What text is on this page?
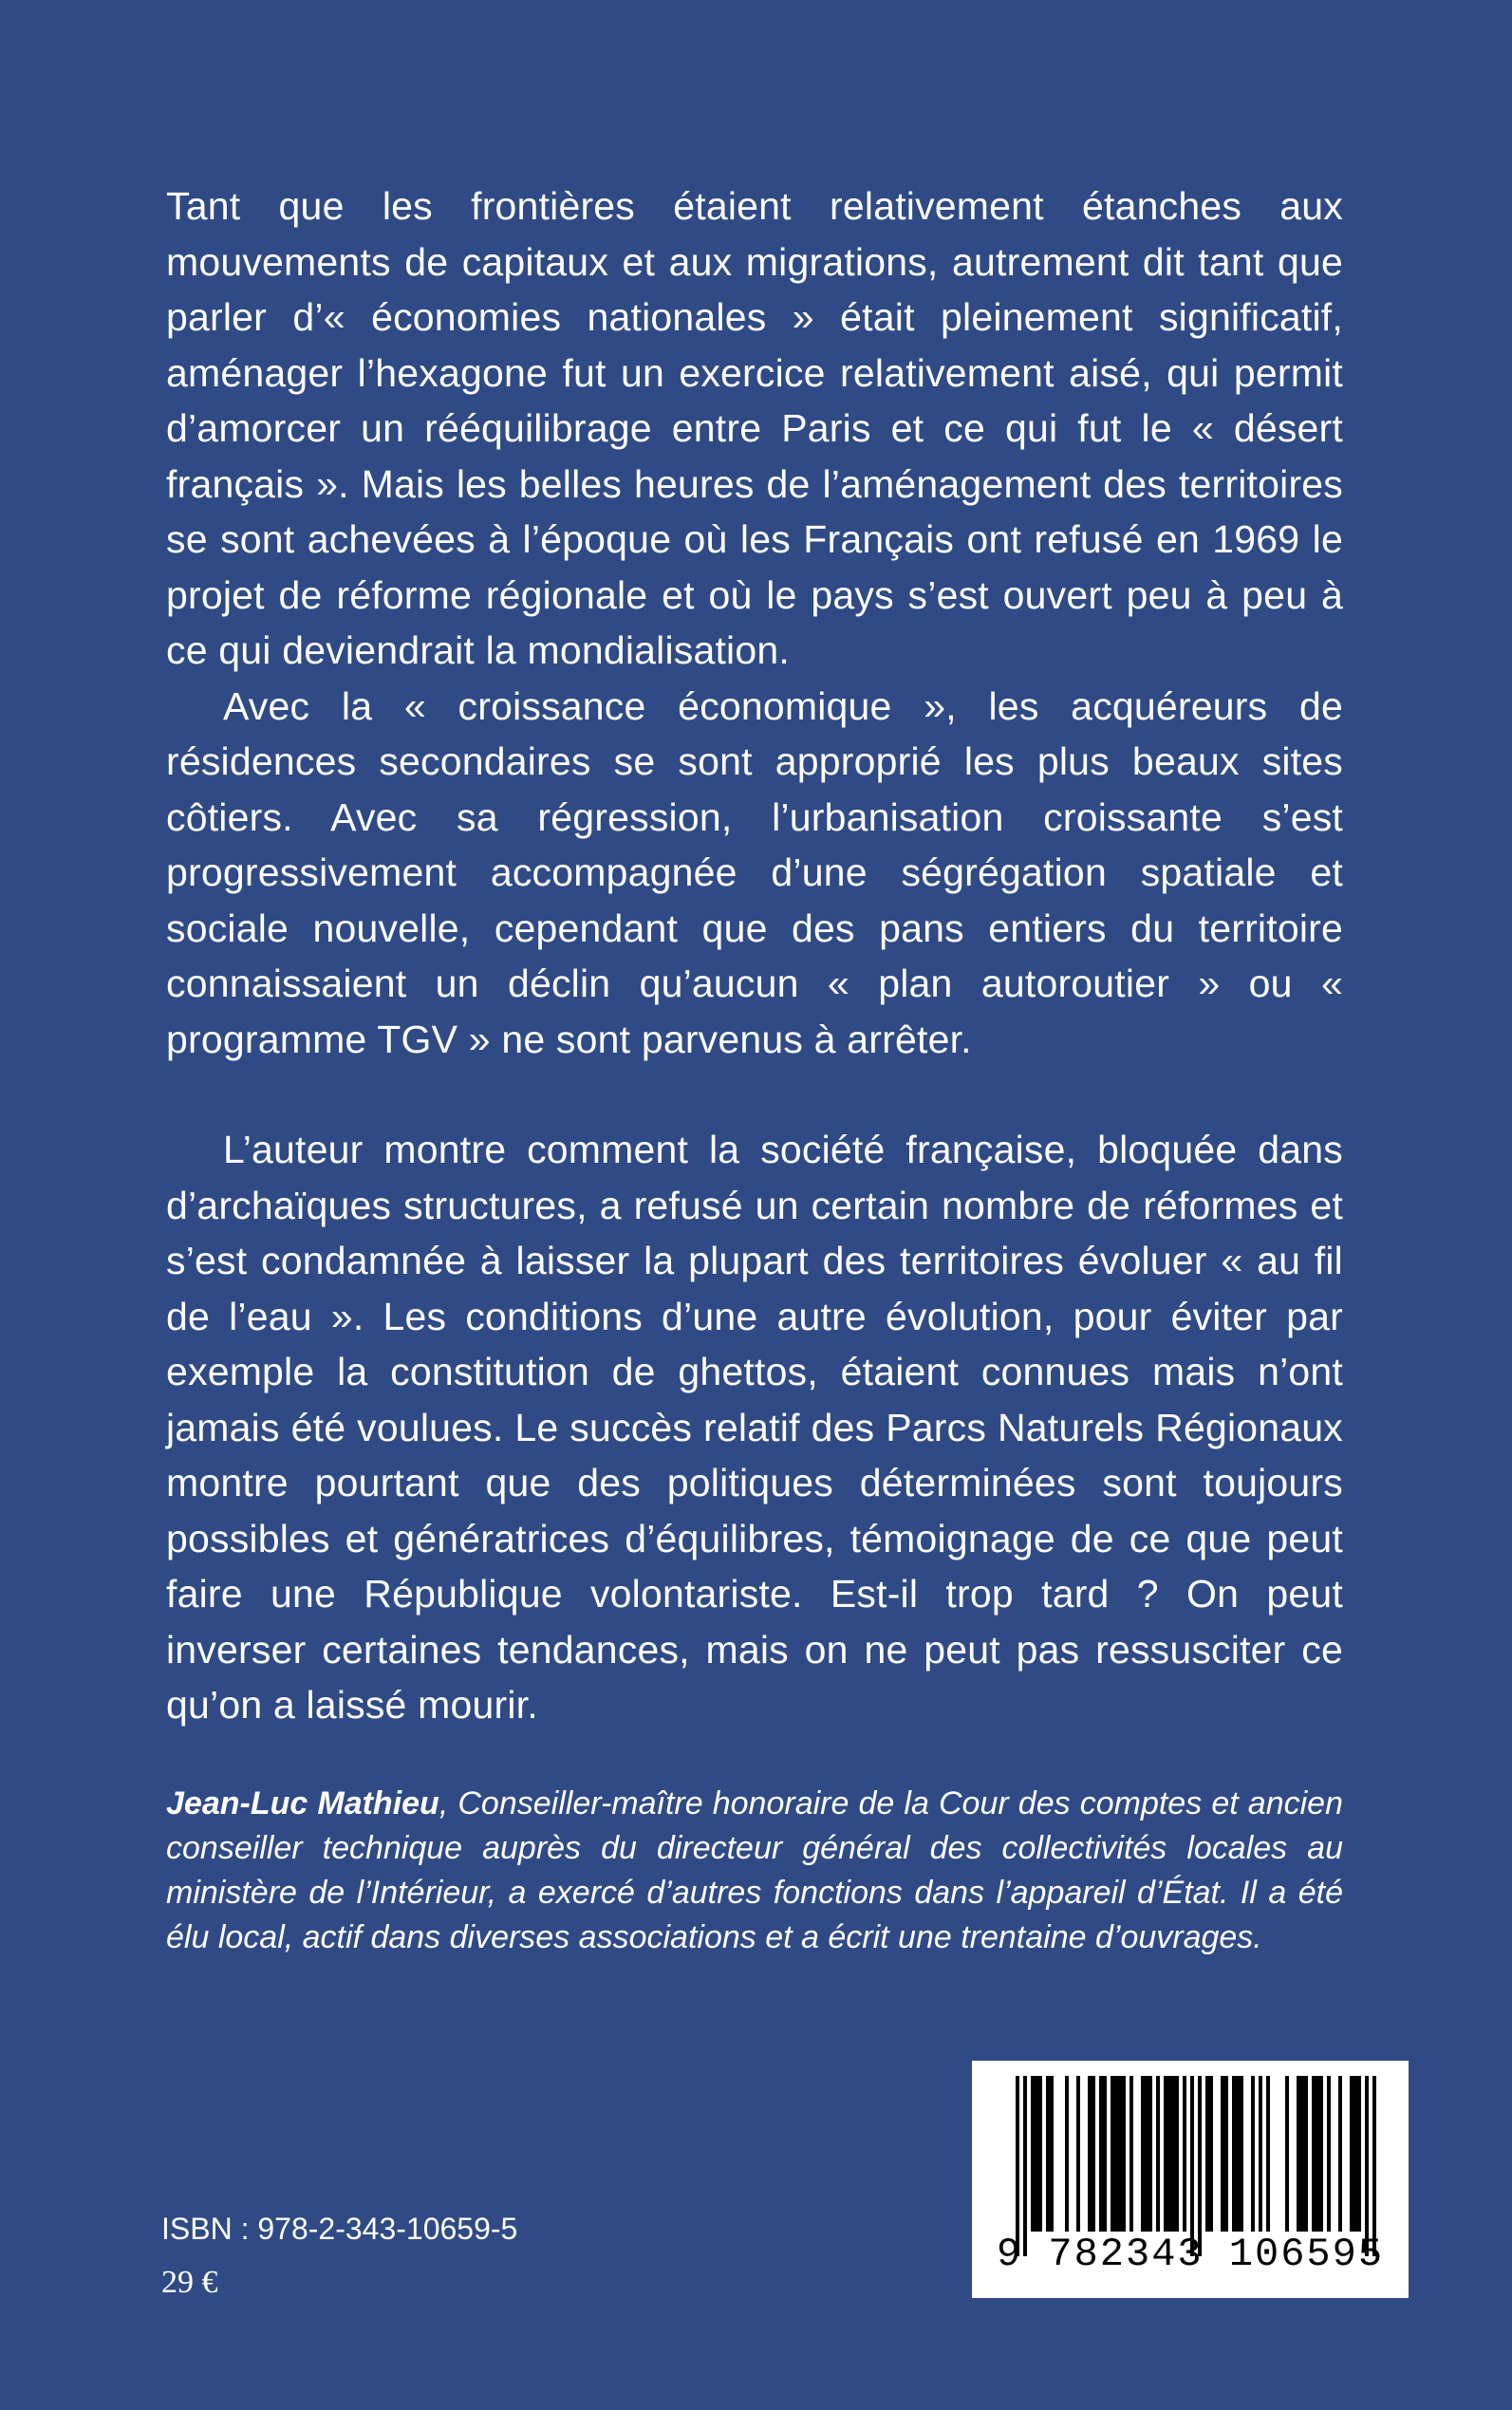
Tant que les frontières étaient relativement étanches aux mouvements de capitaux et aux migrations, autrement dit tant que parler d’« économies nationales » était pleinement significatif, aménager l’hexagone fut un exercice relativement aisé, qui permit d’amorcer un rééquilibrage entre Paris et ce qui fut le « désert français ». Mais les belles heures de l’aménagement des territoires se sont achevées à l’époque où les Français ont refusé en 1969 le projet de réforme régionale et où le pays s’est ouvert peu à peu à ce qui deviendrait la mondialisation.

Avec la « croissance économique », les acquéreurs de résidences secondaires se sont approprié les plus beaux sites côtiers. Avec sa régression, l’urbanisation croissante s’est progressivement accompagnée d’une ségrégation spatiale et sociale nouvelle, cependant que des pans entiers du territoire connaissaient un déclin qu’aucun « plan autoroutier » ou « programme TGV » ne sont parvenus à arrêter.

L’auteur montre comment la société française, bloquée dans d’archaïques structures, a refusé un certain nombre de réformes et s’est condamnée à laisser la plupart des territoires évoluer « au fil de l’eau ». Les conditions d’une autre évolution, pour éviter par exemple la constitution de ghettos, étaient connues mais n’ont jamais été voulues. Le succès relatif des Parcs Naturels Régionaux montre pourtant que des politiques déterminées sont toujours possibles et génératrices d’équilibres, témoignage de ce que peut faire une République volontariste. Est-il trop tard ? On peut inverser certaines tendances, mais on ne peut pas ressusciter ce qu’on a laissé mourir.

Jean-Luc Mathieu, Conseiller-maître honoraire de la Cour des comptes et ancien conseiller technique auprès du directeur général des collectivités locales au ministère de l’Intérieur, a exercé d’autres fonctions dans l’appareil d’État. Il a été élu local, actif dans diverses associations et a écrit une trentaine d’ouvrages.

ISBN : 978-2-343-10659-5

29 €

9 782343 106595
